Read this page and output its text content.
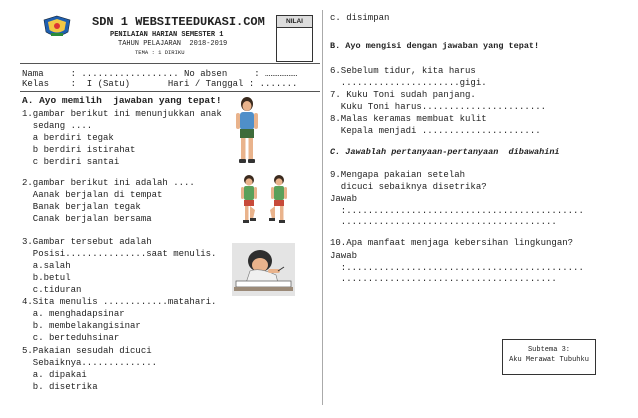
SDN 1 WEBSITEEDUKASI.COM
PENILAIAN HARIAN SEMESTER 1
TAHUN PELAJARAN  2018-2019
TEMA : 1 DIRIKU
NILAI
Nama     : .................. No absen     : ………………
Kelas    :  I (Satu)       Hari / Tanggal : .......
A. Ayo memilih  jawaban yang tepat!
1.gambar berikut ini menunjukkan anak
sedang ....
a berdiri tegak
b berdiri istirahat
c berdiri santai
2.gambar berikut ini adalah ....
Aanak berjalan di tempat
Banak berjalan tegak
Canak berjalan bersama
3.Gambar tersebut adalah
Posisi...............saat menulis.
a.salah
b.betul
c.tiduran
4.Sita menulis ............matahari.
a. menghadapsinar
b. membelakangisinar
c. berteduhsinar
5.Pakaian sesudah dicuci
Sebaiknya..............
a. dipakai
b. disetrika
c. disimpan
B. Ayo mengisi dengan jawaban yang tepat!
6.Sebelum tidur, kita harus
......................gigi.
7. Kuku Toni sudah panjang.
Kuku Toni harus.......................
8.Malas keramas membuat kulit
Kepala menjadi ......................
C. Jawablah pertanyaan-pertanyaan  dibawahini
9.Mengapa pakaian setelah
dicuci sebaiknya disetrika?
Jawab
:............................................
........................................
10.Apa manfaat menjaga kebersihan lingkungan?
Jawab
:............................................
........................................
Subtema 3:
Aku Merawat Tubuhku
